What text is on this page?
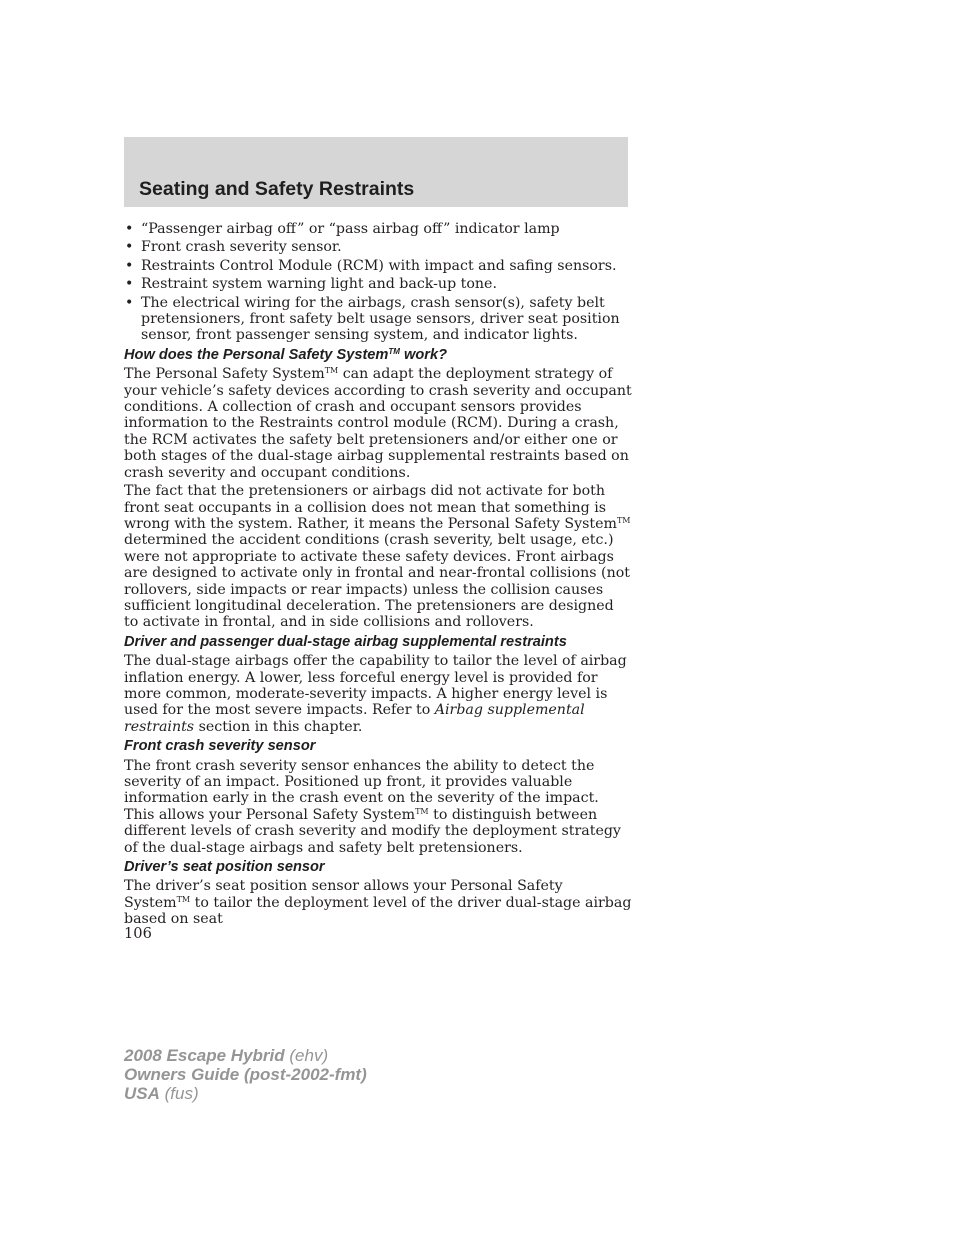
Seating and Safety Restraints
• “Passenger airbag off” or “pass airbag off” indicator lamp
• Front crash severity sensor.
• Restraints Control Module (RCM) with impact and safing sensors.
• Restraint system warning light and back-up tone.
• The electrical wiring for the airbags, crash sensor(s), safety belt pretensioners, front safety belt usage sensors, driver seat position sensor, front passenger sensing system, and indicator lights.
How does the Personal Safety System™ work?

The Personal Safety System™ can adapt the deployment strategy of your vehicle’s safety devices according to crash severity and occupant conditions. A collection of crash and occupant sensors provides information to the Restraints control module (RCM). During a crash, the RCM activates the safety belt pretensioners and/or either one or both stages of the dual-stage airbag supplemental restraints based on crash severity and occupant conditions.

The fact that the pretensioners or airbags did not activate for both front seat occupants in a collision does not mean that something is wrong with the system. Rather, it means the Personal Safety System™ determined the accident conditions (crash severity, belt usage, etc.) were not appropriate to activate these safety devices. Front airbags are designed to activate only in frontal and near-frontal collisions (not rollovers, side impacts or rear impacts) unless the collision causes sufficient longitudinal deceleration. The pretensioners are designed to activate in frontal, and in side collisions and rollovers.

Driver and passenger dual-stage airbag supplemental restraints

The dual-stage airbags offer the capability to tailor the level of airbag inflation energy. A lower, less forceful energy level is provided for more common, moderate-severity impacts. A higher energy level is used for the most severe impacts. Refer to Airbag supplemental restraints section in this chapter.

Front crash severity sensor

The front crash severity sensor enhances the ability to detect the severity of an impact. Positioned up front, it provides valuable information early in the crash event on the severity of the impact. This allows your Personal Safety System™ to distinguish between different levels of crash severity and modify the deployment strategy of the dual-stage airbags and safety belt pretensioners.

Driver’s seat position sensor

The driver’s seat position sensor allows your Personal Safety System™ to tailor the deployment level of the driver dual-stage airbag based on seat

106
2008 Escape Hybrid (ehv)
Owners Guide (post-2002-fmt)
USA (fus)
